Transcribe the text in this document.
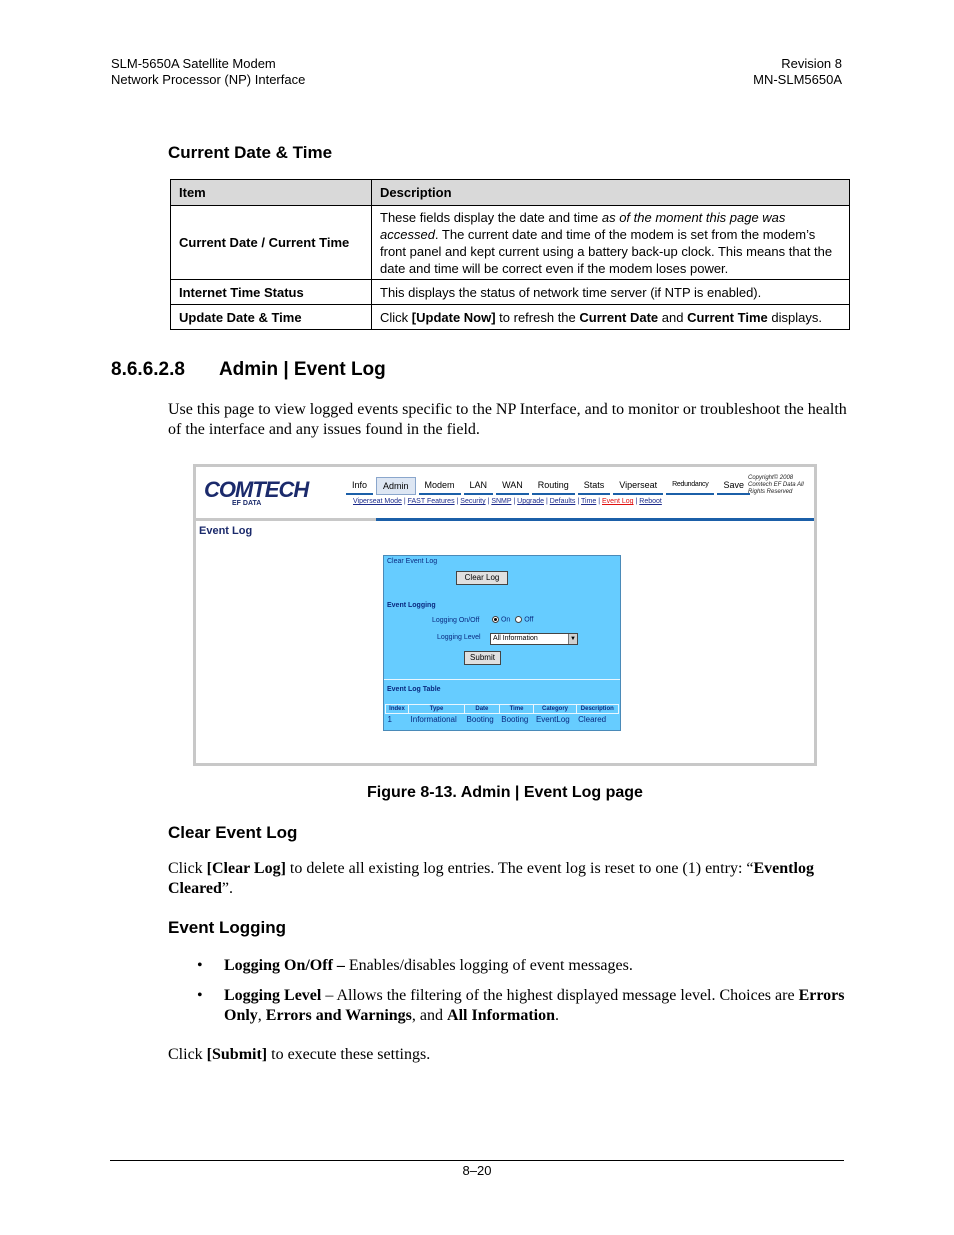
SLM-5650A Satellite Modem
Network Processor (NP) Interface
Revision 8
MN-SLM5650A
Current Date & Time
Item	Description
Current Date / Current Time	These fields display the date and time as of the moment this page was accessed. The current date and time of the modem is set from the modem’s front panel and kept current using a battery back-up clock. This means that the date and time will be correct even if the modem loses power.
Internet Time Status	This displays the status of network time server (if NTP is enabled).
Update Date & Time	Click [Update Now] to refresh the Current Date and Current Time displays.
8.6.6.2.8 Admin | Event Log
Use this page to view logged events specific to the NP Interface, and to monitor or troubleshoot the health of the interface and any issues found in the field.
COMTECH
EF DATA
Info	Admin	Modem	LAN	WAN	Routing	Stats	Viperseat	Redundancy	Save
Copyright© 2008 Comtech EF Data All Rights Reserved
Viperseat Mode | FAST Features | Security | SNMP | Upgrade | Defaults | Time | Event Log | Reboot
Event Log
Clear Event Log
Clear Log
Event Logging
Logging On/Off	On Off
Logging Level	All Information	▼
Submit
Event Log Table
Index	Type	Date	Time	Category	Description
1	Informational	Booting	Booting	EventLog	Cleared
Figure 8-13. Admin | Event Log page
Clear Event Log
Click [Clear Log] to delete all existing log entries. The event log is reset to one (1) entry: “Eventlog Cleared”.
Event Logging
• Logging On/Off – Enables/disables logging of event messages.
• Logging Level – Allows the filtering of the highest displayed message level. Choices are Errors Only, Errors and Warnings, and All Information.
Click [Submit] to execute these settings.
8–20
